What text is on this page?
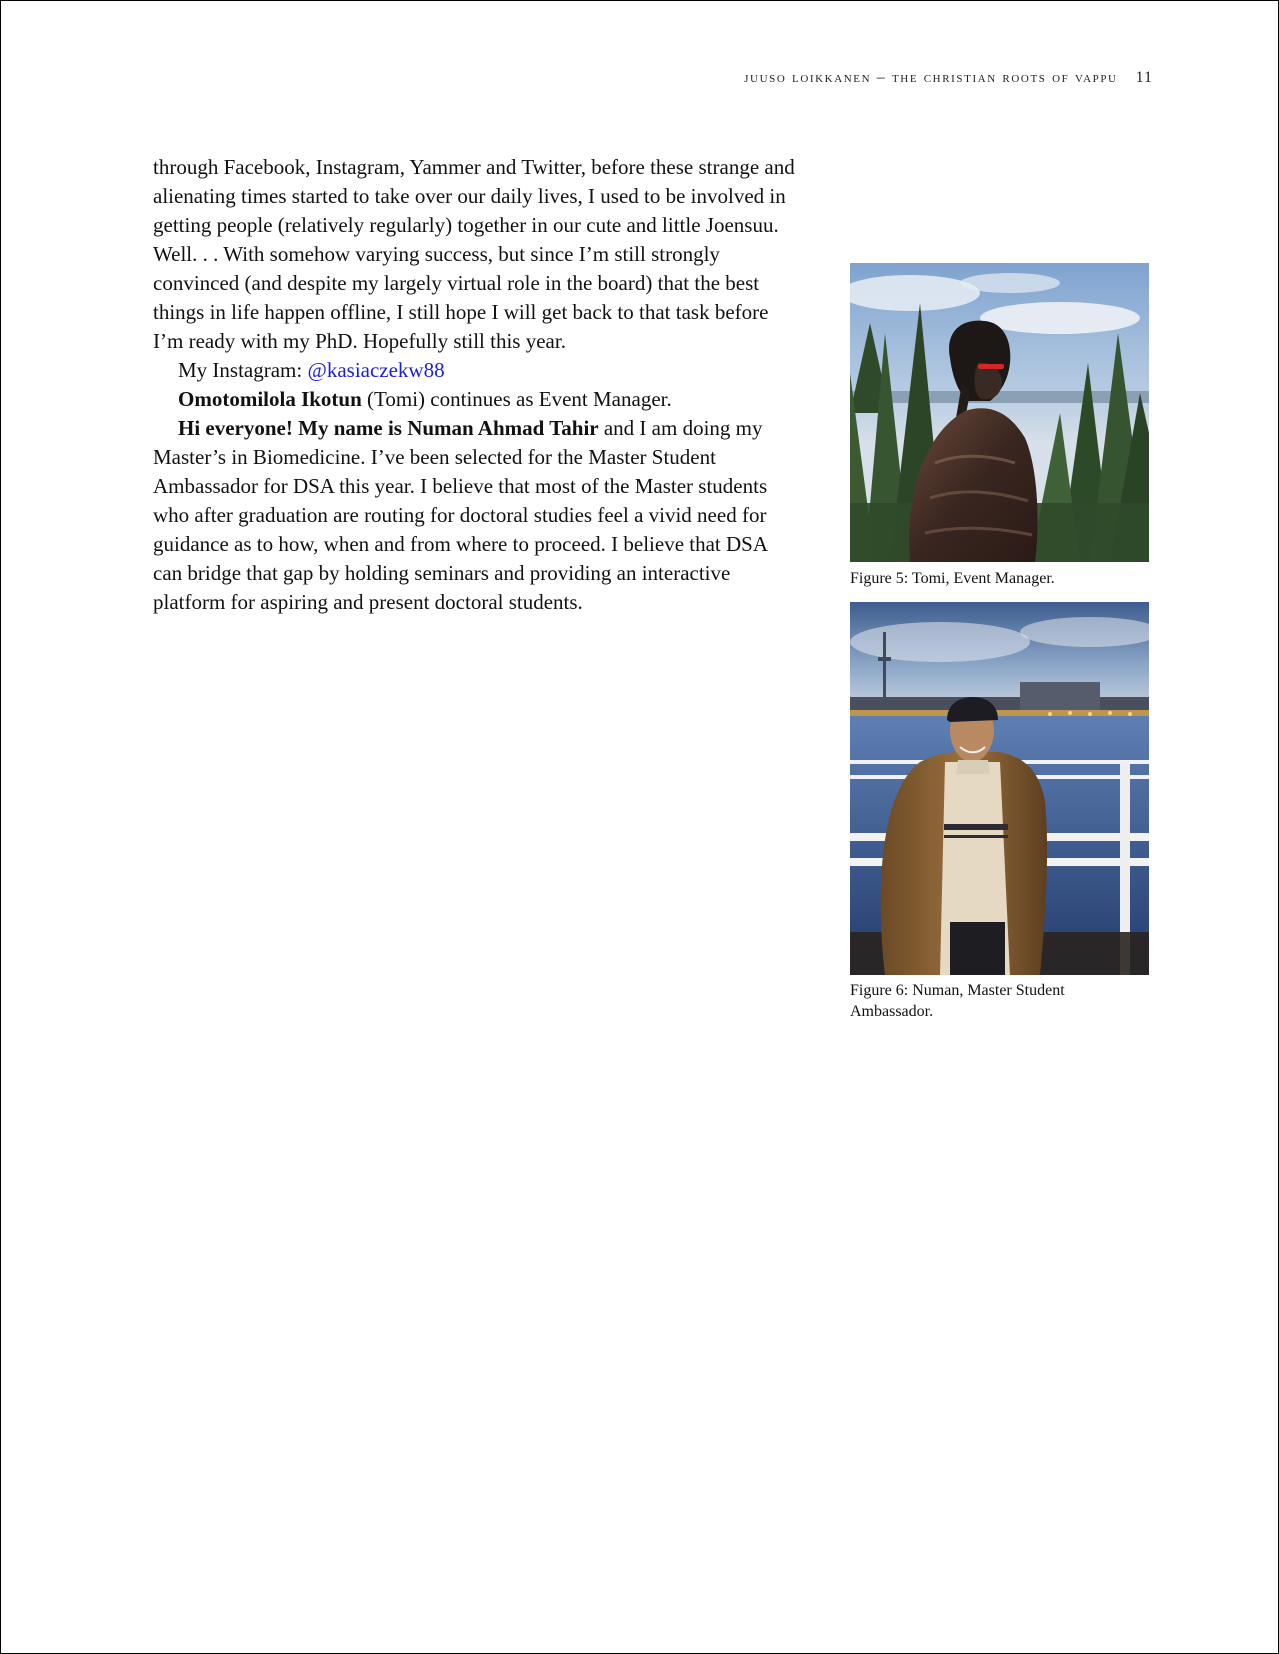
juuso loikkanen – the christian roots of vappu 11

through Facebook, Instagram, Yammer and Twitter, before these strange and alienating times started to take over our daily lives, I used to be involved in getting people (relatively regularly) together in our cute and little Joensuu. Well. . . With somehow varying success, but since I’m still strongly convinced (and despite my largely virtual role in the board) that the best things in life happen offline, I still hope I will get back to that task before I’m ready with my PhD. Hopefully still this year.

My Instagram: @kasiaczekw88

Omotomilola Ikotun (Tomi) continues as Event Manager.

Hi everyone! My name is Numan Ahmad Tahir and I am doing my Master’s in Biomedicine. I’ve been selected for the Master Student Ambassador for DSA this year. I believe that most of the Master students who after graduation are routing for doctoral studies feel a vivid need for guidance as to how, when and from where to proceed. I believe that DSA can bridge that gap by holding seminars and providing an interactive platform for aspiring and present doctoral students.

Figure 5: Tomi, Event Manager.
Figure 6: Numan, Master Student Ambassador.
